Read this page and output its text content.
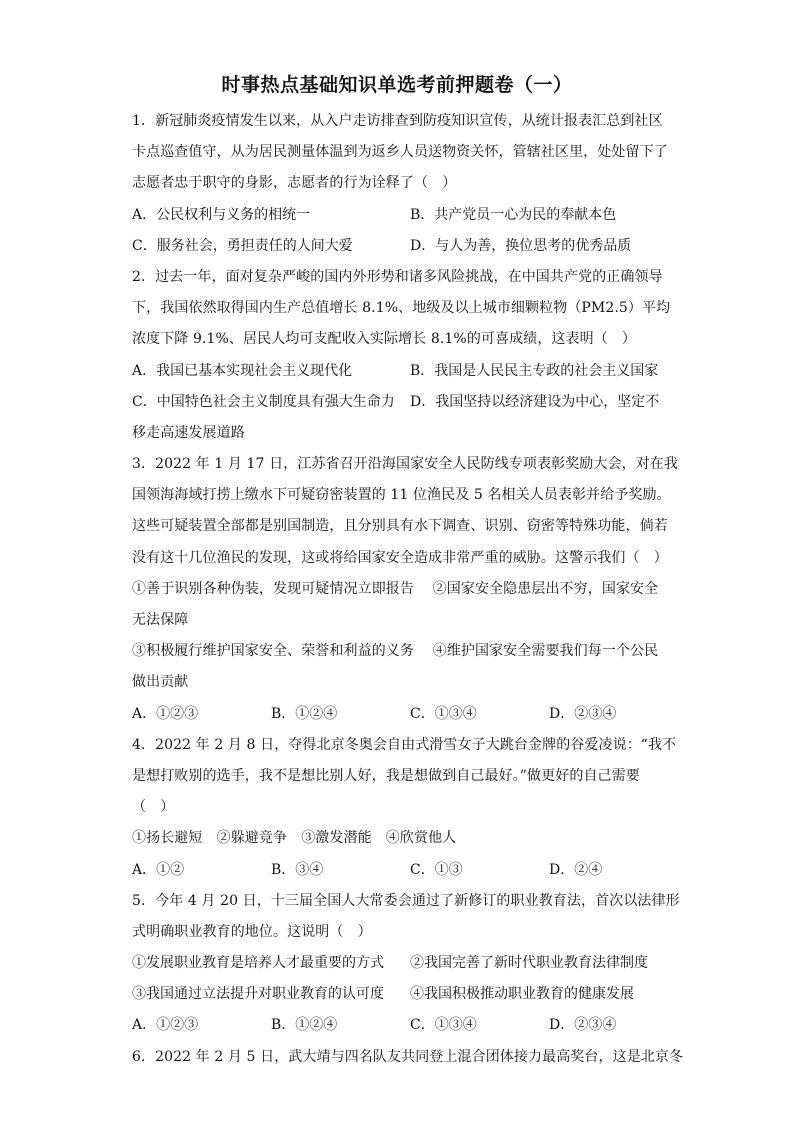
时事热点基础知识单选考前押题卷（一）
1．新冠肺炎疫情发生以来，从入户走访排查到防疫知识宣传，从统计报表汇总到社区
卡点巡查值守，从为居民测量体温到为返乡人员送物资关怀，管辖社区里，处处留下了
志愿者忠于职守的身影，志愿者的行为诠释了（　）
A．公民权利与义务的相统一	B．共产党员一心为民的奉献本色
C．服务社会，勇担责任的人间大爱	D．与人为善，换位思考的优秀品质
2．过去一年，面对复杂严峻的国内外形势和诸多风险挑战，在中国共产党的正确领导
下，我国依然取得国内生产总值增长 8.1%、地级及以上城市细颗粒物（PM2.5）平均
浓度下降 9.1%、居民人均可支配收入实际增长 8.1%的可喜成绩，这表明（　）
A．我国已基本实现社会主义现代化	B．我国是人民民主专政的社会主义国家
C．中国特色社会主义制度具有强大生命力	D．我国坚持以经济建设为中心，坚定不
移走高速发展道路
3．2022 年 1 月 17 日，江苏省召开沿海国家安全人民防线专项表彰奖励大会，对在我
国领海海域打捞上缴水下可疑窃密装置的 11 位渔民及 5 名相关人员表彰并给予奖励。
这些可疑装置全部都是别国制造，且分别具有水下调查、识别、窃密等特殊功能，倘若
没有这十几位渔民的发现，这或将给国家安全造成非常严重的威胁。这警示我们（　）
①善于识别各种伪装，发现可疑情况立即报告　 ②国家安全隐患层出不穷，国家安全
无法保障
③积极履行维护国家安全、荣誉和利益的义务　 ④维护国家安全需要我们每一个公民
做出贡献
A．①②③	B．①②④	C．①③④	D．②③④
4．2022 年 2 月 8 日，夺得北京冬奥会自由式滑雪女子大跳台金牌的谷爱凌说：“我不
是想打败别的选手，我不是想比别人好，我是想做到自己最好。”做更好的自己需要
（　）
①扬长避短　②躲避竞争　③激发潜能　④欣赏他人
A．①②	B．③④	C．①③	D．②④
5．今年 4 月 20 日，十三届全国人大常委会通过了新修订的职业教育法，首次以法律形
式明确职业教育的地位。这说明（　）
①发展职业教育是培养人才最重要的方式	②我国完善了新时代职业教育法律制度
③我国通过立法提升对职业教育的认可度	④我国积极推动职业教育的健康发展
A．①②③	B．①②④	C．①③④	D．②③④
6．2022 年 2 月 5 日，武大靖与四名队友共同登上混合团体接力最高奖台，这是北京冬
